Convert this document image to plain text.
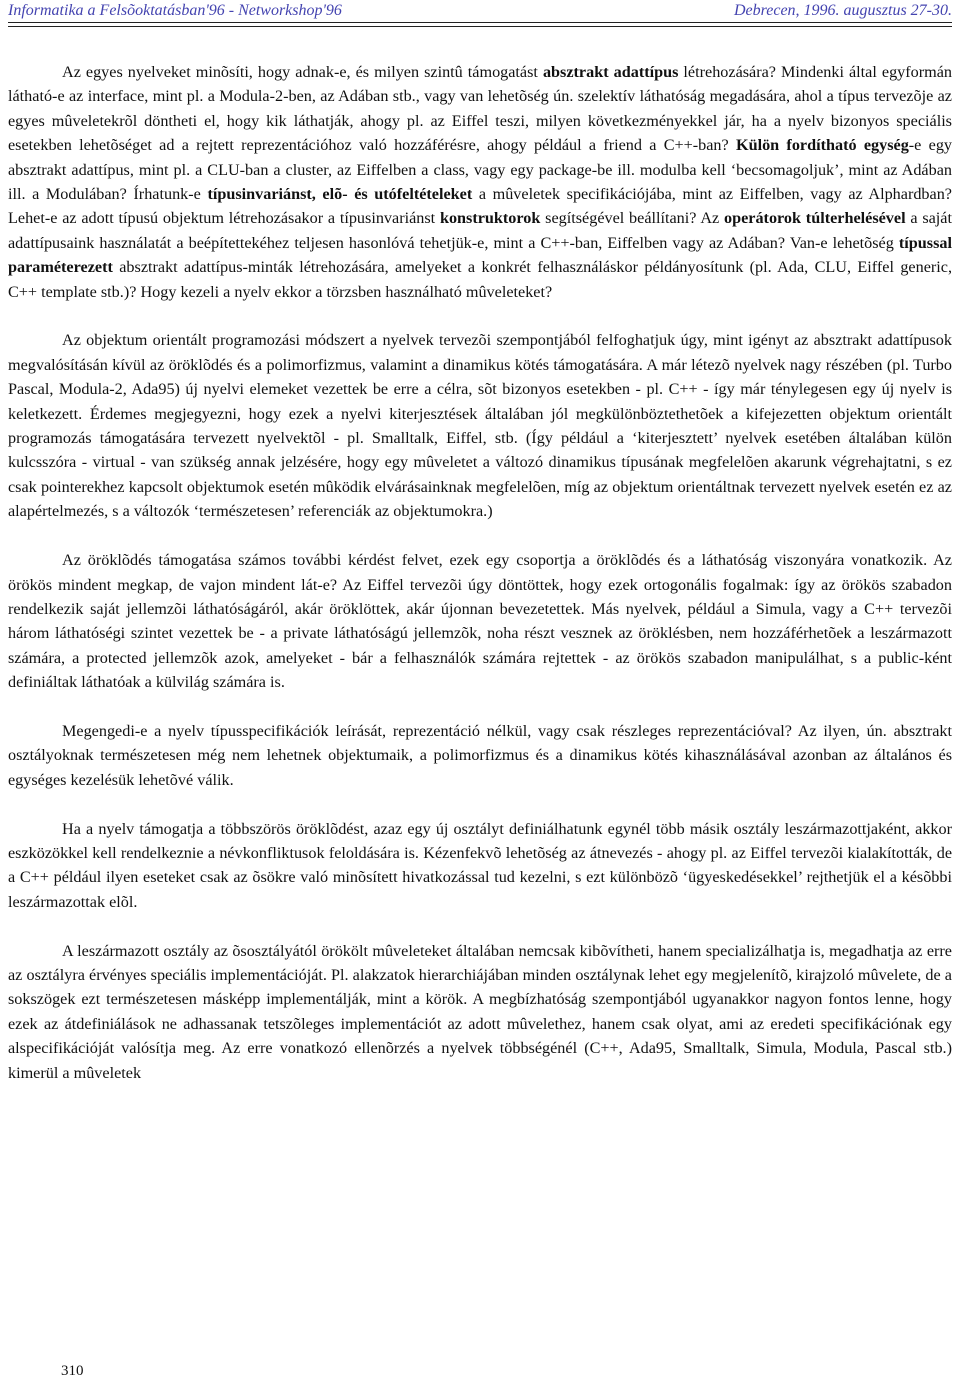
Informatika a Felsõoktatásban'96 - Networkshop'96	Debrecen, 1996. augusztus 27-30.

Az egyes nyelveket minõsíti, hogy adnak-e, és milyen szintû támogatást absztrakt adattípus létrehozására? Mindenki által egyformán látható-e az interface, mint pl. a Modula-2-ben, az Adában stb., vagy van lehetõség ún. szelektív láthatóság megadására, ahol a típus tervezõje az egyes mûveletekrõl döntheti el, hogy kik láthatják, ahogy pl. az Eiffel teszi, milyen következményekkel jár, ha a nyelv bizonyos speciális esetekben lehetõséget ad a rejtett reprezentációhoz való hozzáférésre, ahogy például a friend a C++-ban? Külön fordítható egység-e egy absztrakt adattípus, mint pl. a CLU-ban a cluster, az Eiffelben a class, vagy egy package-be ill. modulba kell ‘becsomagoljuk’, mint az Adában ill. a Modulában? Írhatunk-e típusinvariánst, elõ- és utófeltételeket a mûveletek specifikációjába, mint az Eiffelben, vagy az Alphardban? Lehet-e az adott típusú objektum létrehozásakor a típusinvariánst konstruktorok segítségével beállítani? Az operátorok túlterhelésével a saját adattípusaink használatát a beépítettekéhez teljesen hasonlóvá tehetjük-e, mint a C++-ban, Eiffelben vagy az Adában? Van-e lehetõség típussal paraméterezett absztrakt adattípus-minták létrehozására, amelyeket a konkrét felhasználáskor példányosítunk (pl. Ada, CLU, Eiffel generic, C++ template stb.)? Hogy kezeli a nyelv ekkor a törzsben használható mûveleteket?

Az objektum orientált programozási módszert a nyelvek tervezõi szempontjából felfoghatjuk úgy, mint igényt az absztrakt adattípusok megvalósításán kívül az öröklõdés és a polimorfizmus, valamint a dinamikus kötés támogatására. A már létezõ nyelvek nagy részében (pl. Turbo Pascal, Modula-2, Ada95) új nyelvi elemeket vezettek be erre a célra, sõt bizonyos esetekben - pl. C++ - így már ténylegesen egy új nyelv is keletkezett. Érdemes megjegyezni, hogy ezek a nyelvi kiterjesztések általában jól megkülönböztethetõek a kifejezetten objektum orientált programozás támogatására tervezett nyelvektõl - pl. Smalltalk, Eiffel, stb. (Így például a ‘kiterjesztett’ nyelvek esetében általában külön kulcsszóra - virtual - van szükség annak jelzésére, hogy egy mûveletet a változó dinamikus típusának megfelelõen akarunk végrehajtatni, s ez csak pointerekhez kapcsolt objektumok esetén mûködik elvárásainknak megfelelõen, míg az objektum orientáltnak tervezett nyelvek esetén ez az alapértelmezés, s a változók ‘természetesen’ referenciák az objektumokra.)

Az öröklõdés támogatása számos további kérdést felvet, ezek egy csoportja a öröklõdés és a láthatóság viszonyára vonatkozik. Az örökös mindent megkap, de vajon mindent lát-e? Az Eiffel tervezõi úgy döntöttek, hogy ezek ortogonális fogalmak: így az örökös szabadon rendelkezik saját jellemzõi láthatóságáról, akár öröklöttek, akár újonnan bevezetettek. Más nyelvek, például a Simula, vagy a C++ tervezõi három láthatóségi szintet vezettek be - a private láthatóságú jellemzõk, noha részt vesznek az öröklésben, nem hozzáférhetõek a leszármazott számára, a protected jellemzõk azok, amelyeket - bár a felhasználók számára rejtettek - az örökös szabadon manipulálhat, s a public-ként definiáltak láthatóak a külvilág számára is.

Megengedi-e a nyelv típusspecifikációk leírását, reprezentáció nélkül, vagy csak részleges reprezentációval? Az ilyen, ún. absztrakt osztályoknak természetesen még nem lehetnek objektumaik, a polimorfizmus és a dinamikus kötés kihasználásával azonban az általános és egységes kezelésük lehetõvé válik.

Ha a nyelv támogatja a többszörös öröklõdést, azaz egy új osztályt definiálhatunk egynél több másik osztály leszármazottjaként, akkor eszközökkel kell rendelkeznie a névkonfliktusok feloldására is. Kézenfekvõ lehetõség az átnevezés - ahogy pl. az Eiffel tervezõi kialakították, de a C++ például ilyen eseteket csak az õsökre való minõsített hivatkozással tud kezelni, s ezt különbözõ ‘ügyeskedésekkel’ rejthetjük el a késõbbi leszármazottak elõl.

A leszármazott osztály az õsosztályától örökölt mûveleteket általában nemcsak kibõvítheti, hanem specializálhatja is, megadhatja az erre az osztályra érvényes speciális implementációját. Pl. alakzatok hierarchiájában minden osztálynak lehet egy megjelenítõ, kirajzoló mûvelete, de a sokszögek ezt természetesen másképp implementálják, mint a körök. A megbízhatóság szempontjából ugyanakkor nagyon fontos lenne, hogy ezek az átdefiniálások ne adhassanak tetszõleges implementációt az adott mûvelethez, hanem csak olyat, ami az eredeti specifikációnak egy alspecifikációját valósítja meg. Az erre vonatkozó ellenõrzés a nyelvek többségénél (C++, Ada95, Smalltalk, Simula, Modula, Pascal stb.) kimerül a mûveletek

310
